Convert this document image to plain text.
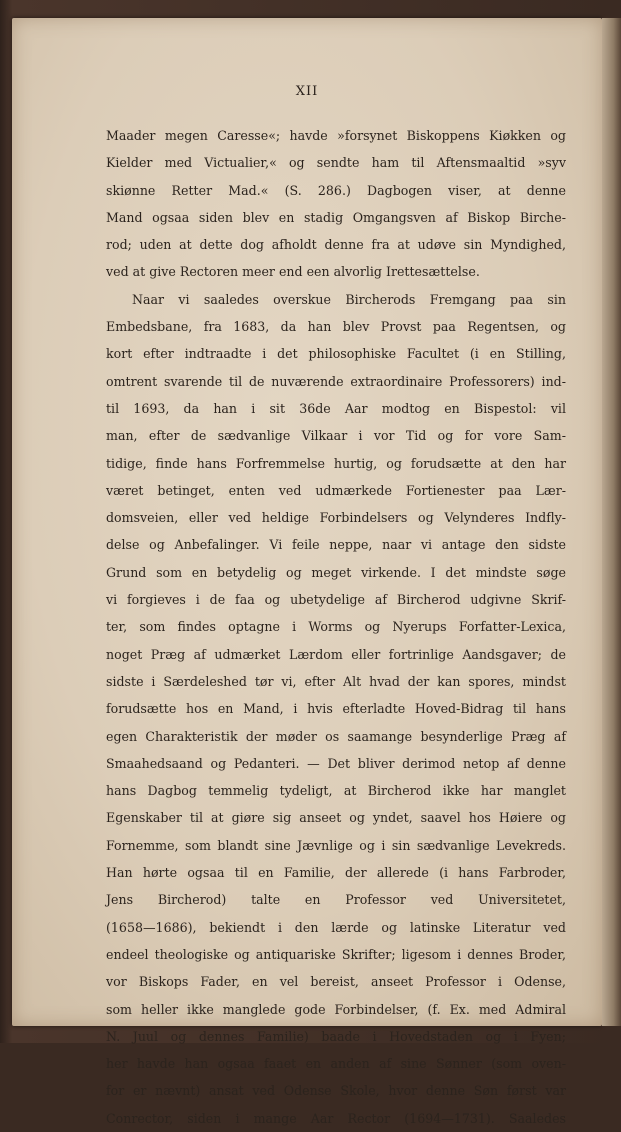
XII
Maader megen Caresse«; havde »forsynet Biskoppens Kiøkken og
Kielder med Victualier,« og sendte ham til Aftensmaaltid »syv
skiønne Retter Mad.« (S. 286.) Dagbogen viser, at denne
Mand ogsaa siden blev en stadig Omgangsven af Biskop Birche-
rod; uden at dette dog afholdt denne fra at udøve sin Myndighed,
ved at give Rectoren meer end een alvorlig Irettesættelse.
Naar vi saaledes overskue Bircherods Fremgang paa sin
Embedsbane, fra 1683, da han blev Provst paa Regentsen, og
kort efter indtraadte i det philosophiske Facultet (i en Stilling,
omtrent svarende til de nuværende extraordinaire Professorers) ind-
til 1693, da han i sit 36de Aar modtog en Bispestol: vil
man, efter de sædvanlige Vilkaar i vor Tid og for vore Sam-
tidige, finde hans Forfremmelse hurtig, og forudsætte at den har
været betinget, enten ved udmærkede Fortienester paa Lær-
domsveien, eller ved heldige Forbindelsers og Velynderes Indfly-
delse og Anbefalinger. Vi feile neppe, naar vi antage den sidste
Grund som en betydelig og meget virkende. I det mindste søge
vi forgieves i de faa og ubetydelige af Bircherod udgivne Skrif-
ter, som findes optagne i Worms og Nyerups Forfatter-Lexica,
noget Præg af udmærket Lærdom eller fortrinlige Aandsgaver; de
sidste i Særdeleshed tør vi, efter Alt hvad der kan spores, mindst
forudsætte hos en Mand, i hvis efterladte Hoved-Bidrag til hans
egen Charakteristik der møder os saamange besynderlige Præg af
Smaahedsaand og Pedanteri. — Det bliver derimod netop af denne
hans Dagbog temmelig tydeligt, at Bircherod ikke har manglet
Egenskaber til at giøre sig anseet og yndet, saavel hos Høiere og
Fornemme, som blandt sine Jævnlige og i sin sædvanlige Levekreds.
Han hørte ogsaa til en Familie, der allerede (i hans Farbroder,
Jens Bircherod) talte en Professor ved Universitetet,
(1658—1686), bekiendt i den lærde og latinske Literatur ved
endeel theologiske og antiquariske Skrifter; ligesom i dennes Broder,
vor Biskops Fader, en vel bereist, anseet Professor i Odense,
som heller ikke manglede gode Forbindelser, (f. Ex. med Admiral
N. Juul og dennes Familie) baade i Hovedstaden og i Fyen;
her havde han ogsaa faaet en anden af sine Sønner (som oven-
for er nævnt) ansat ved Odense Skole, hvor denne Søn først var
Conrector, siden i mange Aar Rector (1694—1731). Saaledes
